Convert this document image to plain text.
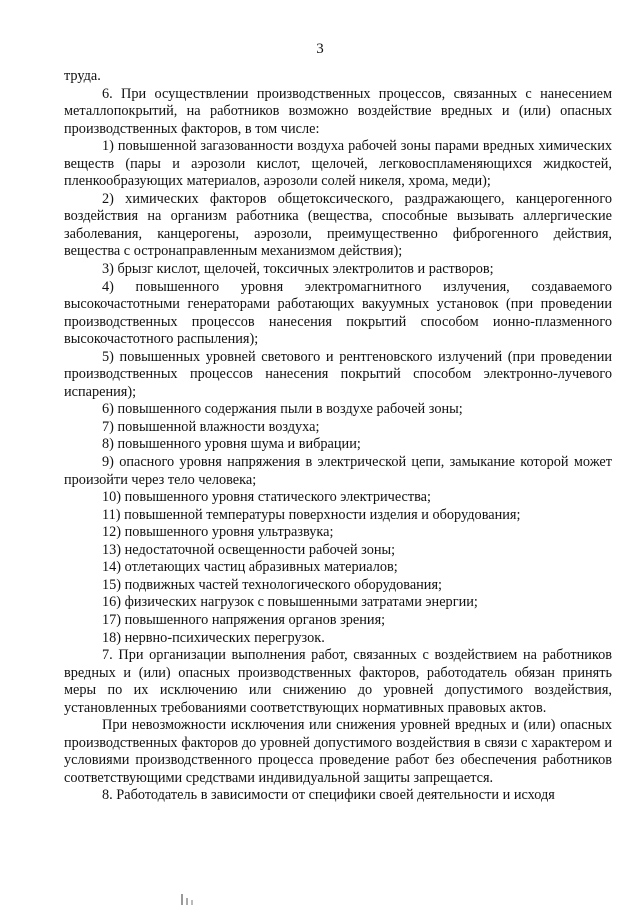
3

труда.

6. При осуществлении производственных процессов, связанных с нанесением металлопокрытий, на работников возможно воздействие вредных и (или) опасных производственных факторов, в том числе:

1) повышенной загазованности воздуха рабочей зоны парами вредных химических веществ (пары и аэрозоли кислот, щелочей, легковоспламеняющихся жидкостей, пленкообразующих материалов, аэрозоли солей никеля, хрома, меди);

2) химических факторов общетоксического, раздражающего, канцерогенного воздействия на организм работника (вещества, способные вызывать аллергические заболевания, канцерогены, аэрозоли, преимущественно фиброгенного действия, вещества с остронаправленным механизмом действия);

3) брызг кислот, щелочей, токсичных электролитов и растворов;

4) повышенного уровня электромагнитного излучения, создаваемого высокочастотными генераторами работающих вакуумных установок (при проведении производственных процессов нанесения покрытий способом ионно-плазменного высокочастотного распыления);

5) повышенных уровней светового и рентгеновского излучений (при проведении производственных процессов нанесения покрытий способом электронно-лучевого испарения);

6) повышенного содержания пыли в воздухе рабочей зоны;

7) повышенной влажности воздуха;

8) повышенного уровня шума и вибрации;

9) опасного уровня напряжения в электрической цепи, замыкание которой может произойти через тело человека;

10) повышенного уровня статического электричества;

11) повышенной температуры поверхности изделия и оборудования;

12) повышенного уровня ультразвука;

13) недостаточной освещенности рабочей зоны;

14) отлетающих частиц абразивных материалов;

15) подвижных частей технологического оборудования;

16) физических нагрузок с повышенными затратами энергии;

17) повышенного напряжения органов зрения;

18) нервно-психических перегрузок.

7. При организации выполнения работ, связанных с воздействием на работников вредных и (или) опасных производственных факторов, работодатель обязан принять меры по их исключению или снижению до уровней допустимого воздействия, установленных требованиями соответствующих нормативных правовых актов.

При невозможности исключения или снижения уровней вредных и (или) опасных производственных факторов до уровней допустимого воздействия в связи с характером и условиями производственного процесса проведение работ без обеспечения работников соответствующими средствами индивидуальной защиты запрещается.

8. Работодатель в зависимости от специфики своей деятельности и исходя
